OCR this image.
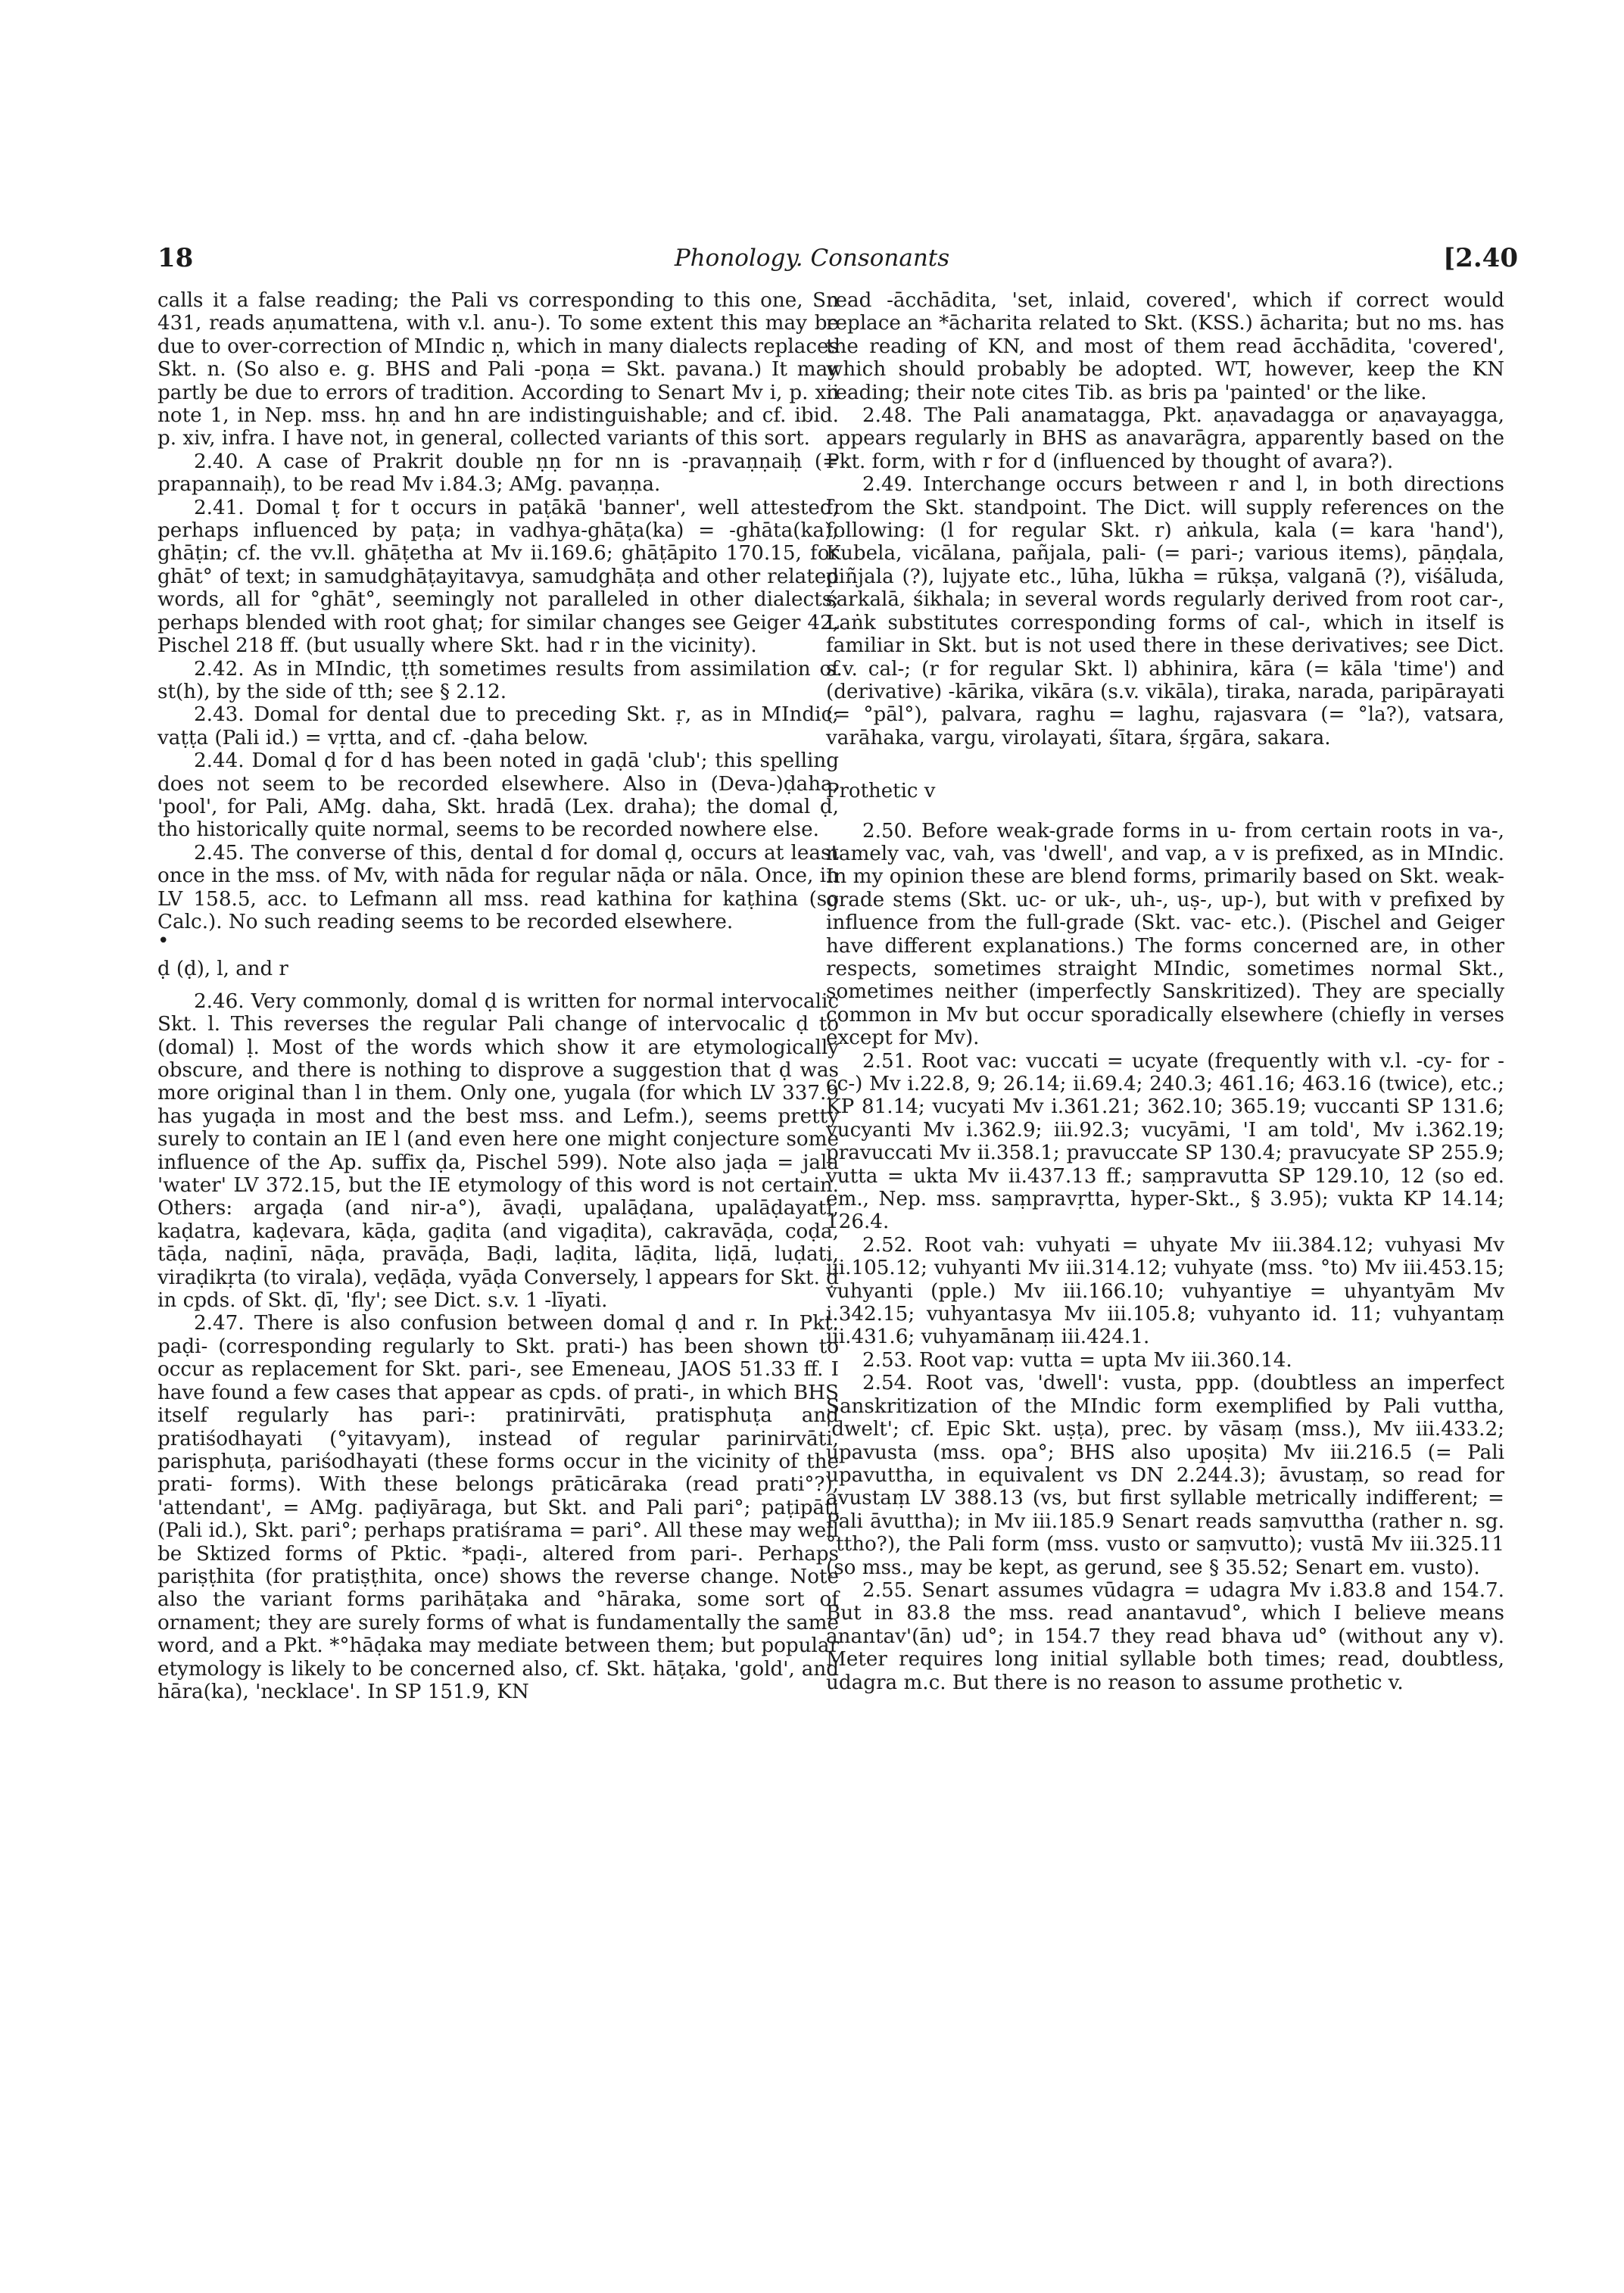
18	Phonology. Consonants	[2.40

calls it a false reading; the Pali vs corresponding to this one, Sn 431, reads aṇumattena, with v.l. anu-). To some extent this may be due to over-correction of MIndic ṇ, which in many dialects replaces Skt. n. (So also e. g. BHS and Pali -poṇa = Skt. pavana.) It may partly be due to errors of tradition. According to Senart Mv i, p. xii note 1, in Nep. mss. hṇ and hn are indistinguishable; and cf. ibid. p. xiv, infra. I have not, in general, collected variants of this sort.

2.40. A case of Prakrit double ṇṇ for nn is -pravaṇṇaiḥ (= prapannaiḥ), to be read Mv i.84.3; AMg. pavaṇṇa.

2.41. Domal ṭ for t occurs in paṭākā 'banner', well attested, perhaps influenced by paṭa; in vadhya-ghāṭa(ka) = -ghāta(ka); ghāṭin; cf. the vv.ll. ghāṭetha at Mv ii.169.6; ghāṭāpito 170.15, for ghāt° of text; in samudghāṭayitavya, samudghāṭa and other related words, all for °ghāt°, seemingly not paralleled in other dialects; perhaps blended with root ghaṭ; for similar changes see Geiger 42, Pischel 218 ff. (but usually where Skt. had r in the vicinity).

2.42. As in MIndic, ṭṭh sometimes results from assimilation of st(h), by the side of tth; see § 2.12.

2.43. Domal for dental due to preceding Skt. ṛ, as in MIndic; vaṭṭa (Pali id.) = vṛtta, and cf. -ḍaha below.

2.44. Domal ḍ for d has been noted in gaḍā 'club'; this spelling does not seem to be recorded elsewhere. Also in (Deva-)ḍaha, 'pool', for Pali, AMg. daha, Skt. hradā (Lex. draha); the domal ḍ, tho historically quite normal, seems to be recorded nowhere else.

2.45. The converse of this, dental d for domal ḍ, occurs at least once in the mss. of Mv, with nāda for regular nāḍa or nāla. Once, in LV 158.5, acc. to Lefmann all mss. read kathina for kaṭhina (so Calc.). No such reading seems to be recorded elsewhere.

•

ḍ (ḍ), l, and r

2.46. Very commonly, domal ḍ is written for normal intervocalic Skt. l. This reverses the regular Pali change of intervocalic ḍ to (domal) ḷ. Most of the words which show it are etymologically obscure, and there is nothing to disprove a suggestion that ḍ was more original than l in them. Only one, yugala (for which LV 337.9 has yugaḍa in most and the best mss. and Lefm.), seems pretty surely to contain an IE l (and even here one might conjecture some influence of the Ap. suffix ḍa, Pischel 599). Note also jaḍa = jala 'water' LV 372.15, but the IE etymology of this word is not certain. Others: argaḍa (and nir-a°), āvaḍi, upalāḍana, upalāḍayati, kaḍatra, kaḍevara, kāḍa, gaḍita (and vigaḍita), cakravāḍa, coḍa, tāḍa, naḍinī, nāḍa, pravāḍa, Baḍi, laḍita, lāḍita, liḍā, luḍati, viraḍikṛta (to virala), veḍāḍa, vyāḍa Conversely, l appears for Skt. ḍ in cpds. of Skt. ḍī, 'fly'; see Dict. s.v. 1 -līyati.

2.47. There is also confusion between domal ḍ and r. In Pkt. paḍi- (corresponding regularly to Skt. prati-) has been shown to occur as replacement for Skt. pari-, see Emeneau, JAOS 51.33 ff. I have found a few cases that appear as cpds. of prati-, in which BHS itself regularly has pari-: pratinirvāti, pratisphuṭa and pratiśodhayati (°yitavyam), instead of regular parinirvāti, parisphuṭa, pariśodhayati (these forms occur in the vicinity of the prati- forms). With these belongs prāticāraka (read prati°?), 'attendant', = AMg. paḍiyāraga, but Skt. and Pali pari°; paṭipāṭi (Pali id.), Skt. pari°; perhaps pratiśrama = pari°. All these may well be Sktized forms of Pktic. *paḍi-, altered from pari-. Perhaps pariṣṭhita (for pratiṣṭhita, once) shows the reverse change. Note also the variant forms parihāṭaka and °hāraka, some sort of ornament; they are surely forms of what is fundamentally the same word, and a Pkt. *°hāḍaka may mediate between them; but popular etymology is likely to be concerned also, cf. Skt. hāṭaka, 'gold', and hāra(ka), 'necklace'. In SP 151.9, KN

read -ācchādita, 'set, inlaid, covered', which if correct would replace an *ācharita related to Skt. (KSS.) ācharita; but no ms. has the reading of KN, and most of them read ācchādita, 'covered', which should probably be adopted. WT, however, keep the KN reading; their note cites Tib. as bris pa 'painted' or the like.

2.48. The Pali anamatagga, Pkt. aṇavadagga or aṇavayagga, appears regularly in BHS as anavarāgra, apparently based on the Pkt. form, with r for d (influenced by thought of avara?).

2.49. Interchange occurs between r and l, in both directions from the Skt. standpoint. The Dict. will supply references on the following: (l for regular Skt. r) aṅkula, kala (= kara 'hand'), Kubela, vicālana, pañjala, pali- (= pari-; various items), pāṇḍala, piñjala (?), lujyate etc., lūha, lūkha = rūkṣa, valganā (?), viśāluda, śarkalā, śikhala; in several words regularly derived from root car-, Laṅk substitutes corresponding forms of cal-, which in itself is familiar in Skt. but is not used there in these derivatives; see Dict. s.v. cal-; (r for regular Skt. l) abhinira, kāra (= kāla 'time') and (derivative) -kārika, vikāra (s.v. vikāla), tiraka, narada, paripārayati (= °pāl°), palvara, raghu = laghu, rajasvara (= °la?), vatsara, varāhaka, vargu, virolayati, śītara, śṛgāra, sakara.

Prothetic v

2.50. Before weak-grade forms in u- from certain roots in va-, namely vac, vah, vas 'dwell', and vap, a v is prefixed, as in MIndic. In my opinion these are blend forms, primarily based on Skt. weak-grade stems (Skt. uc- or uk-, uh-, uṣ-, up-), but with v prefixed by influence from the full-grade (Skt. vac- etc.). (Pischel and Geiger have different explanations.) The forms concerned are, in other respects, sometimes straight MIndic, sometimes normal Skt., sometimes neither (imperfectly Sanskritized). They are specially common in Mv but occur sporadically elsewhere (chiefly in verses except for Mv).

2.51. Root vac: vuccati = ucyate (frequently with v.l. -cy- for -cc-) Mv i.22.8, 9; 26.14; ii.69.4; 240.3; 461.16; 463.16 (twice), etc.; KP 81.14; vucyati Mv i.361.21; 362.10; 365.19; vuccanti SP 131.6; vucyanti Mv i.362.9; iii.92.3; vucyāmi, 'I am told', Mv i.362.19; pravuccati Mv ii.358.1; pravuccate SP 130.4; pravucyate SP 255.9; vutta = ukta Mv ii.437.13 ff.; saṃpravutta SP 129.10, 12 (so ed. em., Nep. mss. saṃpravṛtta, hyper-Skt., § 3.95); vukta KP 14.14; 126.4.

2.52. Root vah: vuhyati = uhyate Mv iii.384.12; vuhyasi Mv iii.105.12; vuhyanti Mv iii.314.12; vuhyate (mss. °to) Mv iii.453.15; vuhyanti (pple.) Mv iii.166.10; vuhyantiye = uhyantyām Mv i.342.15; vuhyantasya Mv iii.105.8; vuhyanto id. 11; vuhyantaṃ iii.431.6; vuhyamānaṃ iii.424.1.

2.53. Root vap: vutta = upta Mv iii.360.14.

2.54. Root vas, 'dwell': vusta, ppp. (doubtless an imperfect Sanskritization of the MIndic form exemplified by Pali vuttha, 'dwelt'; cf. Epic Skt. uṣṭa), prec. by vāsaṃ (mss.), Mv iii.433.2; upavusta (mss. opa°; BHS also upoṣita) Mv iii.216.5 (= Pali upavuttha, in equivalent vs DN 2.244.3); āvustaṃ, so read for avustaṃ LV 388.13 (vs, but first syllable metrically indifferent; = Pali āvuttha); in Mv iii.185.9 Senart reads saṃvuttha (rather n. sg. °ttho?), the Pali form (mss. vusto or saṃvutto); vustā Mv iii.325.11 (so mss., may be kept, as gerund, see § 35.52; Senart em. vusto).

2.55. Senart assumes vūdagra = udagra Mv i.83.8 and 154.7. But in 83.8 the mss. read anantavud°, which I believe means anantav'(ān) ud°; in 154.7 they read bhava ud° (without any v). Meter requires long initial syllable both times; read, doubtless, ūdagra m.c. But there is no reason to assume prothetic v.
